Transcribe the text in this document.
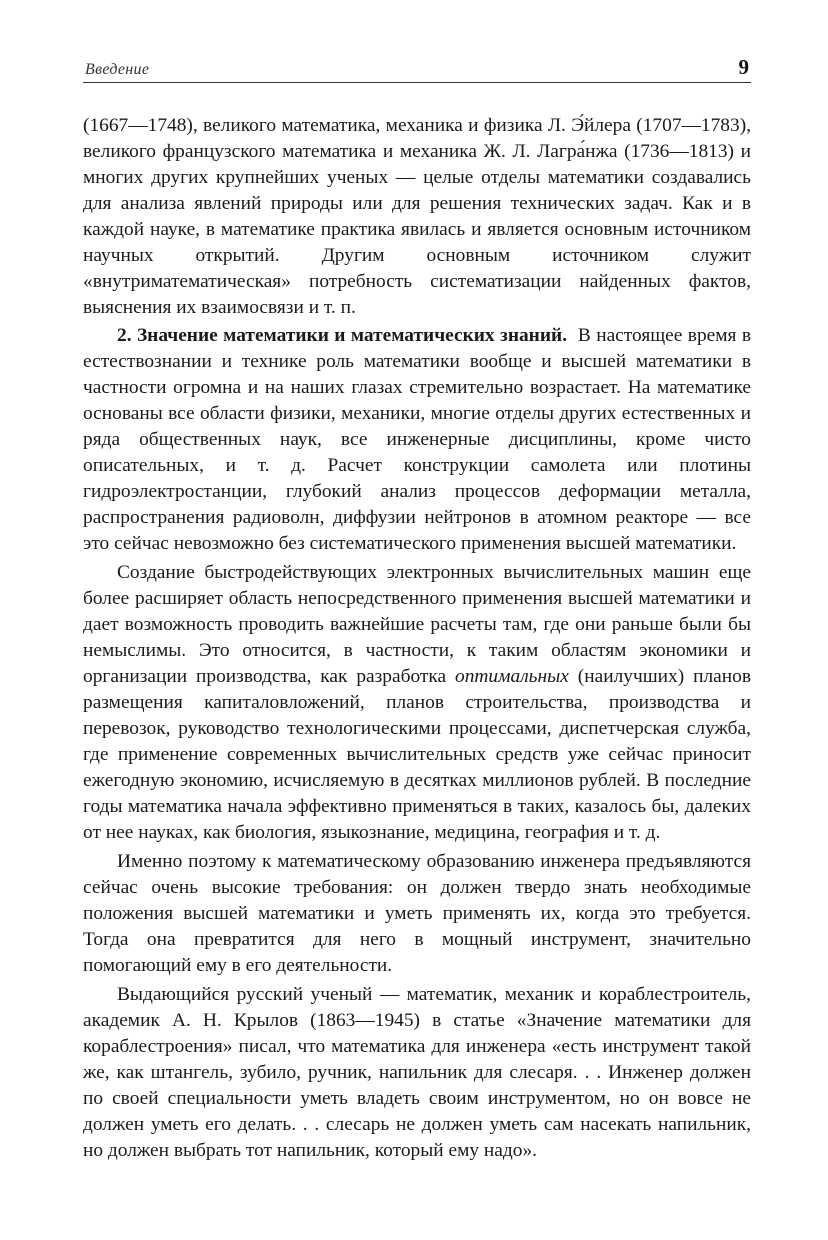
Введение	9

(1667—1748), великого математика, механика и физика Л. Э́йлера (1707—1783), великого французского математика и механика Ж. Л. Лагра́нжа (1736—1813) и многих других крупнейших ученых — целые отделы математики создавались для анализа явлений природы или для решения технических задач. Как и в каждой науке, в математике практика явилась и является основным источником научных открытий. Другим основным источником служит «внутриматематическая» потребность систематизации найденных фактов, выяснения их взаимосвязи и т. п.

2. Значение математики и математических знаний. В настоящее время в естествознании и технике роль математики вообще и высшей математики в частности огромна и на наших глазах стремительно возрастает. На математике основаны все области физики, механики, многие отделы других естественных и ряда общественных наук, все инженерные дисциплины, кроме чисто описательных, и т. д. Расчет конструкции самолета или плотины гидроэлектростанции, глубокий анализ процессов деформации металла, распространения радиоволн, диффузии нейтронов в атомном реакторе — все это сейчас невозможно без систематического применения высшей математики.

Создание быстродействующих электронных вычислительных машин еще более расширяет область непосредственного применения высшей математики и дает возможность проводить важнейшие расчеты там, где они раньше были бы немыслимы. Это относится, в частности, к таким областям экономики и организации производства, как разработка оптимальных (наилучших) планов размещения капиталовложений, планов строительства, производства и перевозок, руководство технологическими процессами, диспетчерская служба, где применение современных вычислительных средств уже сейчас приносит ежегодную экономию, исчисляемую в десятках миллионов рублей. В последние годы математика начала эффективно применяться в таких, казалось бы, далеких от нее науках, как биология, языкознание, медицина, география и т. д.

Именно поэтому к математическому образованию инженера предъявляются сейчас очень высокие требования: он должен твердо знать необходимые положения высшей математики и уметь применять их, когда это требуется. Тогда она превратится для него в мощный инструмент, значительно помогающий ему в его деятельности.

Выдающийся русский ученый — математик, механик и кораблестроитель, академик А. Н. Крылов (1863—1945) в статье «Значение математики для кораблестроения» писал, что математика для инженера «есть инструмент такой же, как штангель, зубило, ручник, напильник для слесаря. . . Инженер должен по своей специальности уметь владеть своим инструментом, но он вовсе не должен уметь его делать. . . слесарь не должен уметь сам насекать напильник, но должен выбрать тот напильник, который ему надо».
